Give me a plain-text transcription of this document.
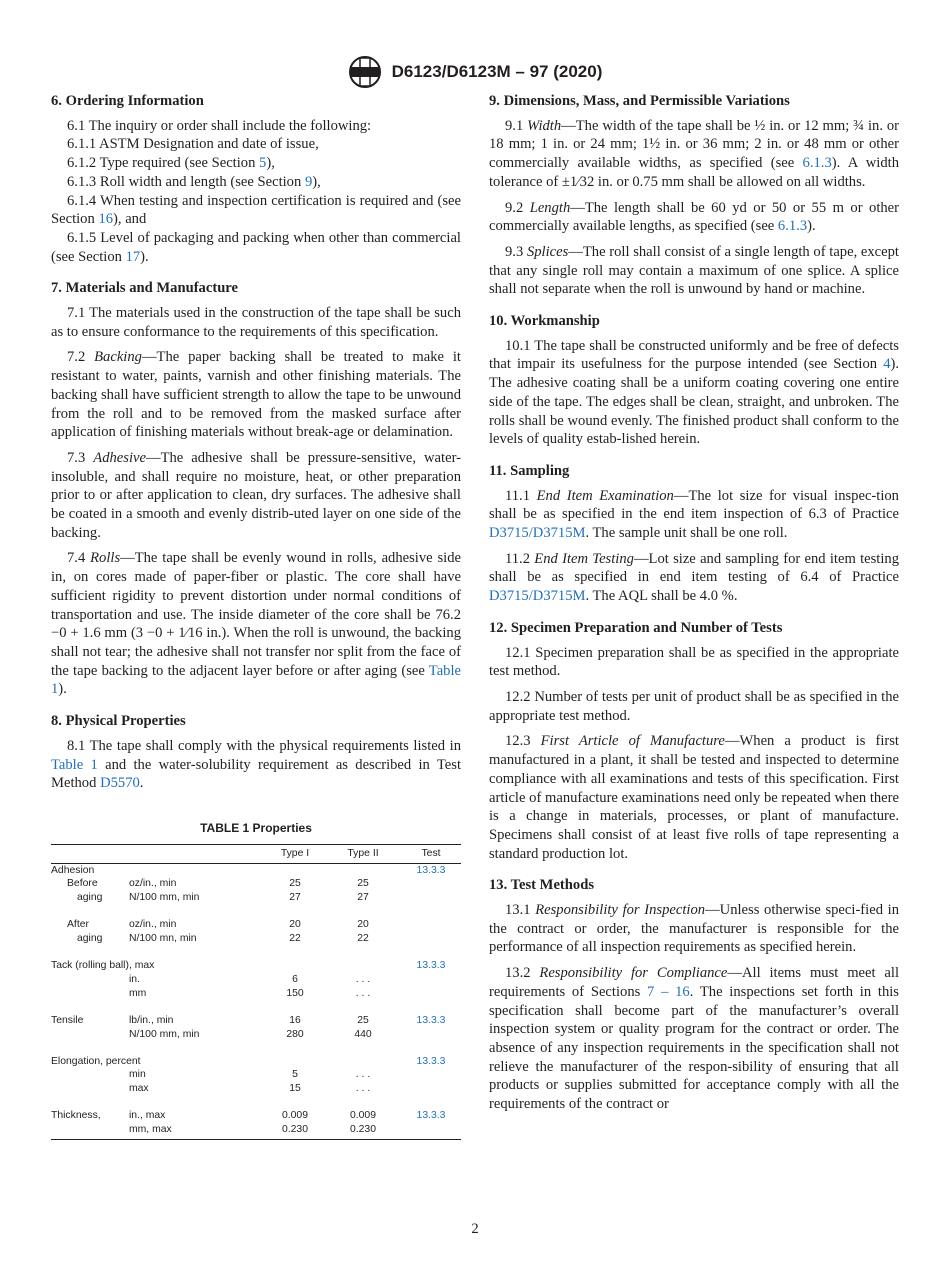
D6123/D6123M – 97 (2020)
6. Ordering Information

6.1 The inquiry or order shall include the following:

6.1.1 ASTM Designation and date of issue,

6.1.2 Type required (see Section 5),

6.1.3 Roll width and length (see Section 9),

6.1.4 When testing and inspection certification is required and (see Section 16), and

6.1.5 Level of packaging and packing when other than commercial (see Section 17).

7. Materials and Manufacture

7.1 The materials used in the construction of the tape shall be such as to ensure conformance to the requirements of this specification.

7.2 Backing—The paper backing shall be treated to make it resistant to water, paints, varnish and other finishing materials. The backing shall have sufficient strength to allow the tape to be unwound from the roll and to be removed from the masked surface after application of finishing materials without break-age or delamination.

7.3 Adhesive—The adhesive shall be pressure-sensitive, water-insoluble, and shall require no moisture, heat, or other preparation prior to or after application to clean, dry surfaces. The adhesive shall be coated in a smooth and evenly distrib-uted layer on one side of the backing.

7.4 Rolls—The tape shall be evenly wound in rolls, adhesive side in, on cores made of paper-fiber or plastic. The core shall have sufficient rigidity to prevent distortion under normal conditions of transportation and use. The inside diameter of the core shall be 76.2 −0 + 1.6 mm (3 −0 + 1⁄16 in.). When the roll is unwound, the backing shall not tear; the adhesive shall not transfer nor split from the face of the tape backing to the adjacent layer before or after aging (see Table 1).

8. Physical Properties

8.1 The tape shall comply with the physical requirements listed in Table 1 and the water-solubility requirement as described in Test Method D5570.

TABLE 1 Properties
		Type I	Type II	Test
Adhesion				13.3.3
Before	oz/in., min	25	25	
aging	N/100 mm, min	27	27	

After	oz/in., min	20	20	
aging	N/100 mn, min	22	22	

Tack (rolling ball), max				13.3.3
	in.	6	. . .	
	mm	150	. . .	

Tensile	lb/in., min	16	25	13.3.3
	N/100 mm, min	280	440	

Elongation, percent				13.3.3
	min	5	. . .	
	max	15	. . .	

Thickness,	in., max	0.009	0.009	13.3.3
	mm, max	0.230	0.230	
9. Dimensions, Mass, and Permissible Variations

9.1 Width—The width of the tape shall be ½ in. or 12 mm; ¾ in. or 18 mm; 1 in. or 24 mm; 1½ in. or 36 mm; 2 in. or 48 mm or other commercially available widths, as specified (see 6.1.3). A width tolerance of ±1⁄32 in. or 0.75 mm shall be allowed on all widths.

9.2 Length—The length shall be 60 yd or 50 or 55 m or other commercially available lengths, as specified (see 6.1.3).

9.3 Splices—The roll shall consist of a single length of tape, except that any single roll may contain a maximum of one splice. A splice shall not separate when the roll is unwound by hand or machine.

10. Workmanship

10.1 The tape shall be constructed uniformly and be free of defects that impair its usefulness for the purpose intended (see Section 4). The adhesive coating shall be a uniform coating covering one entire side of the tape. The edges shall be clean, straight, and unbroken. The rolls shall be wound evenly. The finished product shall conform to the levels of quality estab-lished herein.

11. Sampling

11.1 End Item Examination—The lot size for visual inspec-tion shall be as specified in the end item inspection of 6.3 of Practice D3715/D3715M. The sample unit shall be one roll.

11.2 End Item Testing—Lot size and sampling for end item testing shall be as specified in end item testing of 6.4 of Practice D3715/D3715M. The AQL shall be 4.0 %.

12. Specimen Preparation and Number of Tests

12.1 Specimen preparation shall be as specified in the appropriate test method.

12.2 Number of tests per unit of product shall be as specified in the appropriate test method.

12.3 First Article of Manufacture—When a product is first manufactured in a plant, it shall be tested and inspected to determine compliance with all examinations and tests of this specification. First article of manufacture examinations need only be repeated when there is a change in materials, processes, or plant of manufacture. Specimens shall consist of at least five rolls of tape representing a standard production lot.

13. Test Methods

13.1 Responsibility for Inspection—Unless otherwise speci-fied in the contract or order, the manufacturer is responsible for the performance of all inspection requirements as specified herein.

13.2 Responsibility for Compliance—All items must meet all requirements of Sections 7 – 16. The inspections set forth in this specification shall become part of the manufacturer’s overall inspection system or quality program for the contract or order. The absence of any inspection requirements in the specification shall not relieve the manufacturer of the respon-sibility of ensuring that all products or supplies submitted for acceptance comply with all the requirements of the contract or

2
